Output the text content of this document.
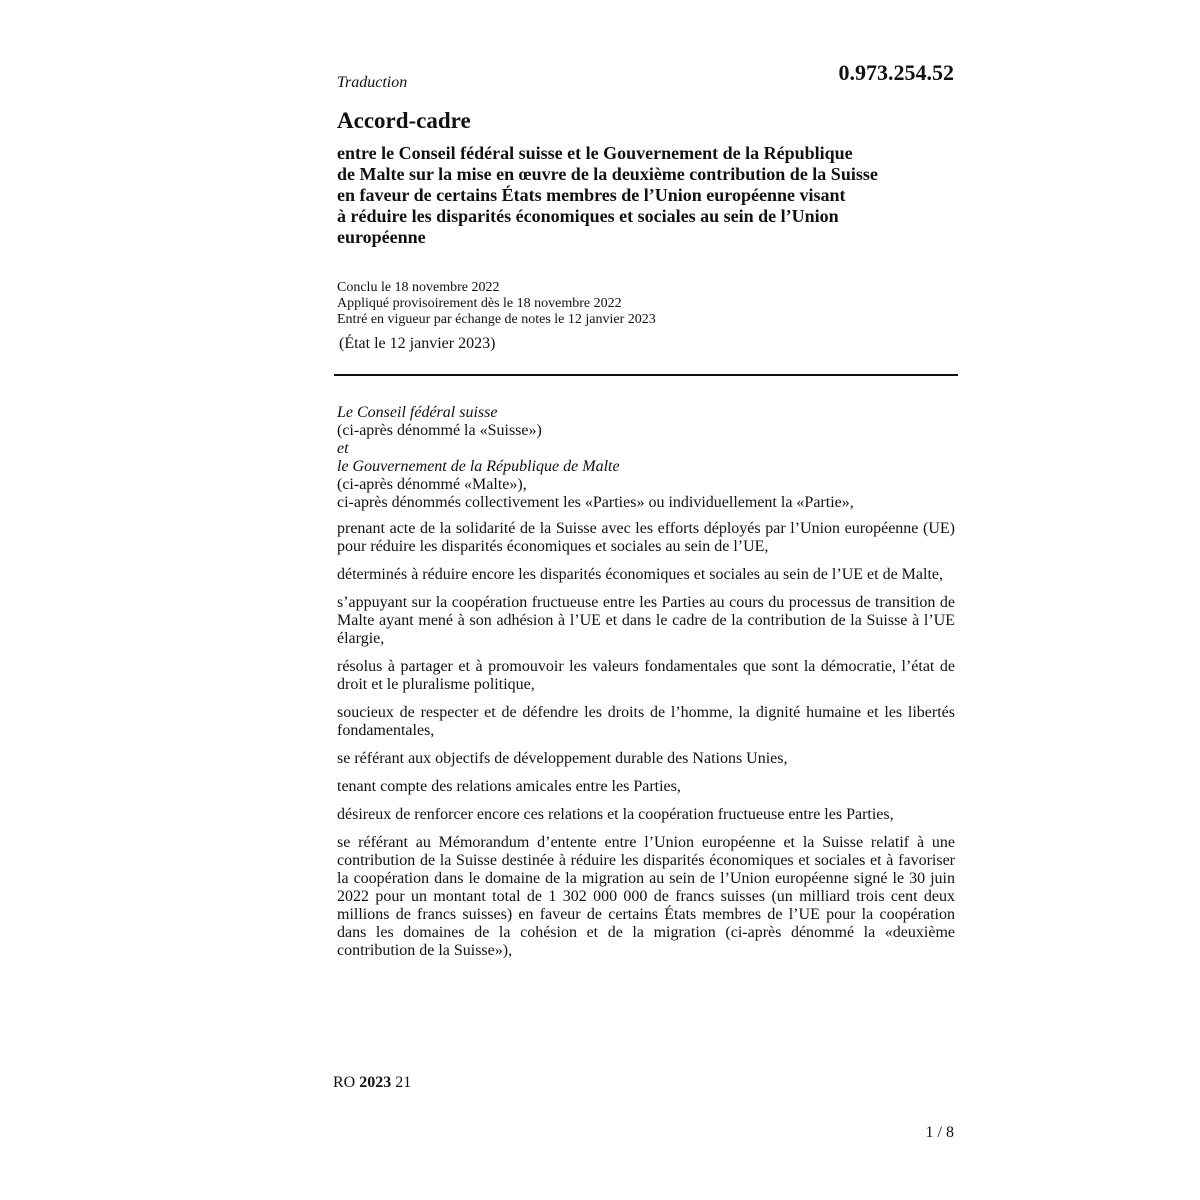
0.973.254.52
Traduction
Accord-cadre
entre le Conseil fédéral suisse et le Gouvernement de la République
de Malte sur la mise en œuvre de la deuxième contribution de la Suisse
en faveur de certains États membres de l’Union européenne visant
à réduire les disparités économiques et sociales au sein de l’Union
européenne
Conclu le 18 novembre 2022
Appliqué provisoirement dès le 18 novembre 2022
Entré en vigueur par échange de notes le 12 janvier 2023
(État le 12 janvier 2023)
Le Conseil fédéral suisse
(ci-après dénommé la «Suisse»)
et
le Gouvernement de la République de Malte
(ci-après dénommé «Malte»),
ci-après dénommés collectivement les «Parties» ou individuellement la «Partie»,

prenant acte de la solidarité de la Suisse avec les efforts déployés par l’Union européenne (UE) pour réduire les disparités économiques et sociales au sein de l’UE,

déterminés à réduire encore les disparités économiques et sociales au sein de l’UE et de Malte,

s’appuyant sur la coopération fructueuse entre les Parties au cours du processus de transition de Malte ayant mené à son adhésion à l’UE et dans le cadre de la contribution de la Suisse à l’UE élargie,

résolus à partager et à promouvoir les valeurs fondamentales que sont la démocratie, l’état de droit et le pluralisme politique,

soucieux de respecter et de défendre les droits de l’homme, la dignité humaine et les libertés fondamentales,

se référant aux objectifs de développement durable des Nations Unies,

tenant compte des relations amicales entre les Parties,

désireux de renforcer encore ces relations et la coopération fructueuse entre les Parties,

se référant au Mémorandum d’entente entre l’Union européenne et la Suisse relatif à une contribution de la Suisse destinée à réduire les disparités économiques et sociales et à favoriser la coopération dans le domaine de la migration au sein de l’Union européenne signé le 30 juin 2022 pour un montant total de 1 302 000 000 de francs suisses (un milliard trois cent deux millions de francs suisses) en faveur de certains États membres de l’UE pour la coopération dans les domaines de la cohésion et de la migration (ci-après dénommé la «deuxième contribution de la Suisse»),

RO 2023 21
1 / 8
